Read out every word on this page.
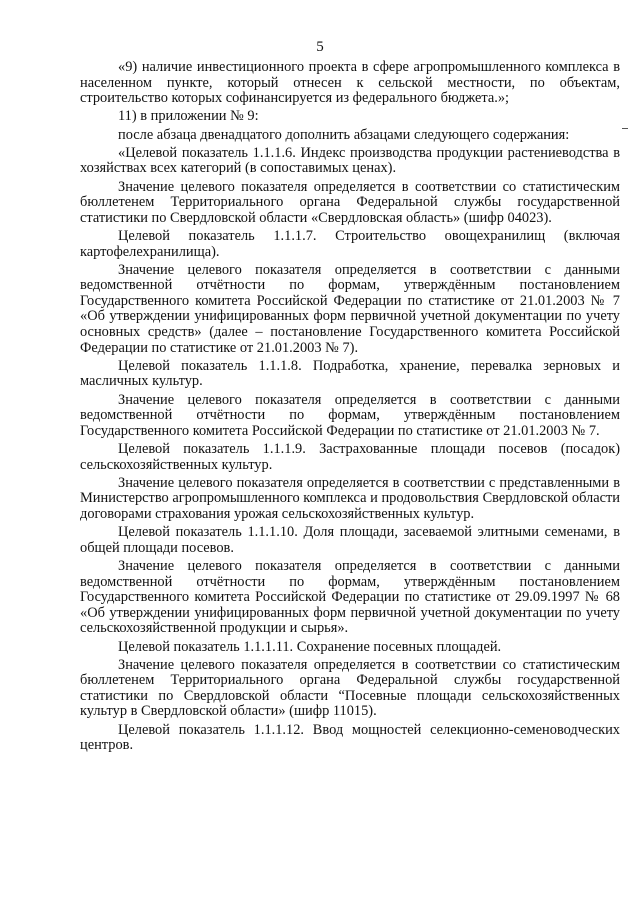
5

«9) наличие инвестиционного проекта в сфере агропромышленного комплекса в населенном пункте, который отнесен к сельской местности, по объектам, строительство которых софинансируется из федерального бюджета.»;

11) в приложении № 9:

после абзаца двенадцатого дополнить абзацами следующего содержания:

«Целевой показатель 1.1.1.6. Индекс производства продукции растениеводства в хозяйствах всех категорий (в сопоставимых ценах).

Значение целевого показателя определяется в соответствии со статистическим бюллетенем Территориального органа Федеральной службы государственной статистики по Свердловской области «Свердловская область» (шифр 04023).

Целевой показатель 1.1.1.7. Строительство овощехранилищ (включая картофелехранилища).

Значение целевого показателя определяется в соответствии с данными ведомственной отчётности по формам, утверждённым постановлением Государственного комитета Российской Федерации по статистике от 21.01.2003 № 7 «Об утверждении унифицированных форм первичной учетной документации по учету основных средств» (далее – постановление Государственного комитета Российской Федерации по статистике от 21.01.2003 № 7).

Целевой показатель 1.1.1.8. Подработка, хранение, перевалка зерновых и масличных культур.

Значение целевого показателя определяется в соответствии с данными ведомственной отчётности по формам, утверждённым постановлением Государственного комитета Российской Федерации по статистике от 21.01.2003 № 7.

Целевой показатель 1.1.1.9. Застрахованные площади посевов (посадок) сельскохозяйственных культур.

Значение целевого показателя определяется в соответствии с представленными в Министерство агропромышленного комплекса и продовольствия Свердловской области договорами страхования урожая сельскохозяйственных культур.

Целевой показатель 1.1.1.10. Доля площади, засеваемой элитными семенами, в общей площади посевов.

Значение целевого показателя определяется в соответствии с данными ведомственной отчётности по формам, утверждённым постановлением Государственного комитета Российской Федерации по статистике от 29.09.1997 № 68 «Об утверждении унифицированных форм первичной учетной документации по учету сельскохозяйственной продукции и сырья».

Целевой показатель 1.1.1.11. Сохранение посевных площадей.

Значение целевого показателя определяется в соответствии со статистическим бюллетенем Территориального органа Федеральной службы государственной статистики по Свердловской области “Посевные площади сельскохозяйственных культур в Свердловской области» (шифр 11015).

Целевой показатель 1.1.1.12. Ввод мощностей селекционно-семеноводческих центров.
